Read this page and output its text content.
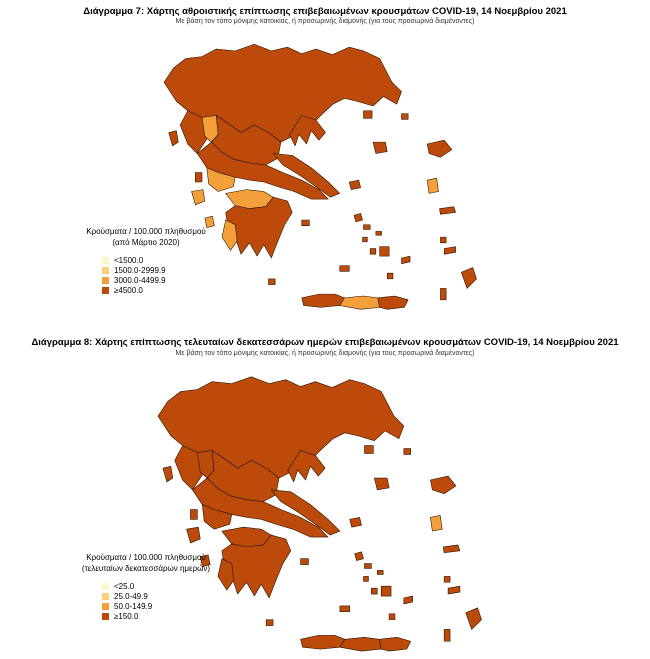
Διάγραμμα 7: Χάρτης αθροιστικής επίπτωσης επιβεβαιωμένων κρουσμάτων COVID-19, 14 Νοεμβρίου 2021
Με βάση τον τόπο μόνιμης κατοικίας, ή προσωρινής διαμονής (για τους προσωρινά διαμένοντες)
Κρούσματα / 100.000 πληθυσμού
(από Μάρτιο 2020)
<1500.0
1500.0-2999.9
3000.0-4499.9
≥4500.0
Διάγραμμα 8: Χάρτης επίπτωσης τελευταίων δεκατεσσάρων ημερών επιβεβαιωμένων κρουσμάτων COVID-19, 14 Νοεμβρίου 2021
Με βάση τον τόπο μόνιμης κατοικίας, ή προσωρινής διαμονής (για τους προσωρινά διαμένοντες)
Κρούσματα / 100.000 πληθυσμού
(τελευταίων δεκατεσσάρων ημερών)
<25.0
25.0-49.9
50.0-149.9
≥150.0
